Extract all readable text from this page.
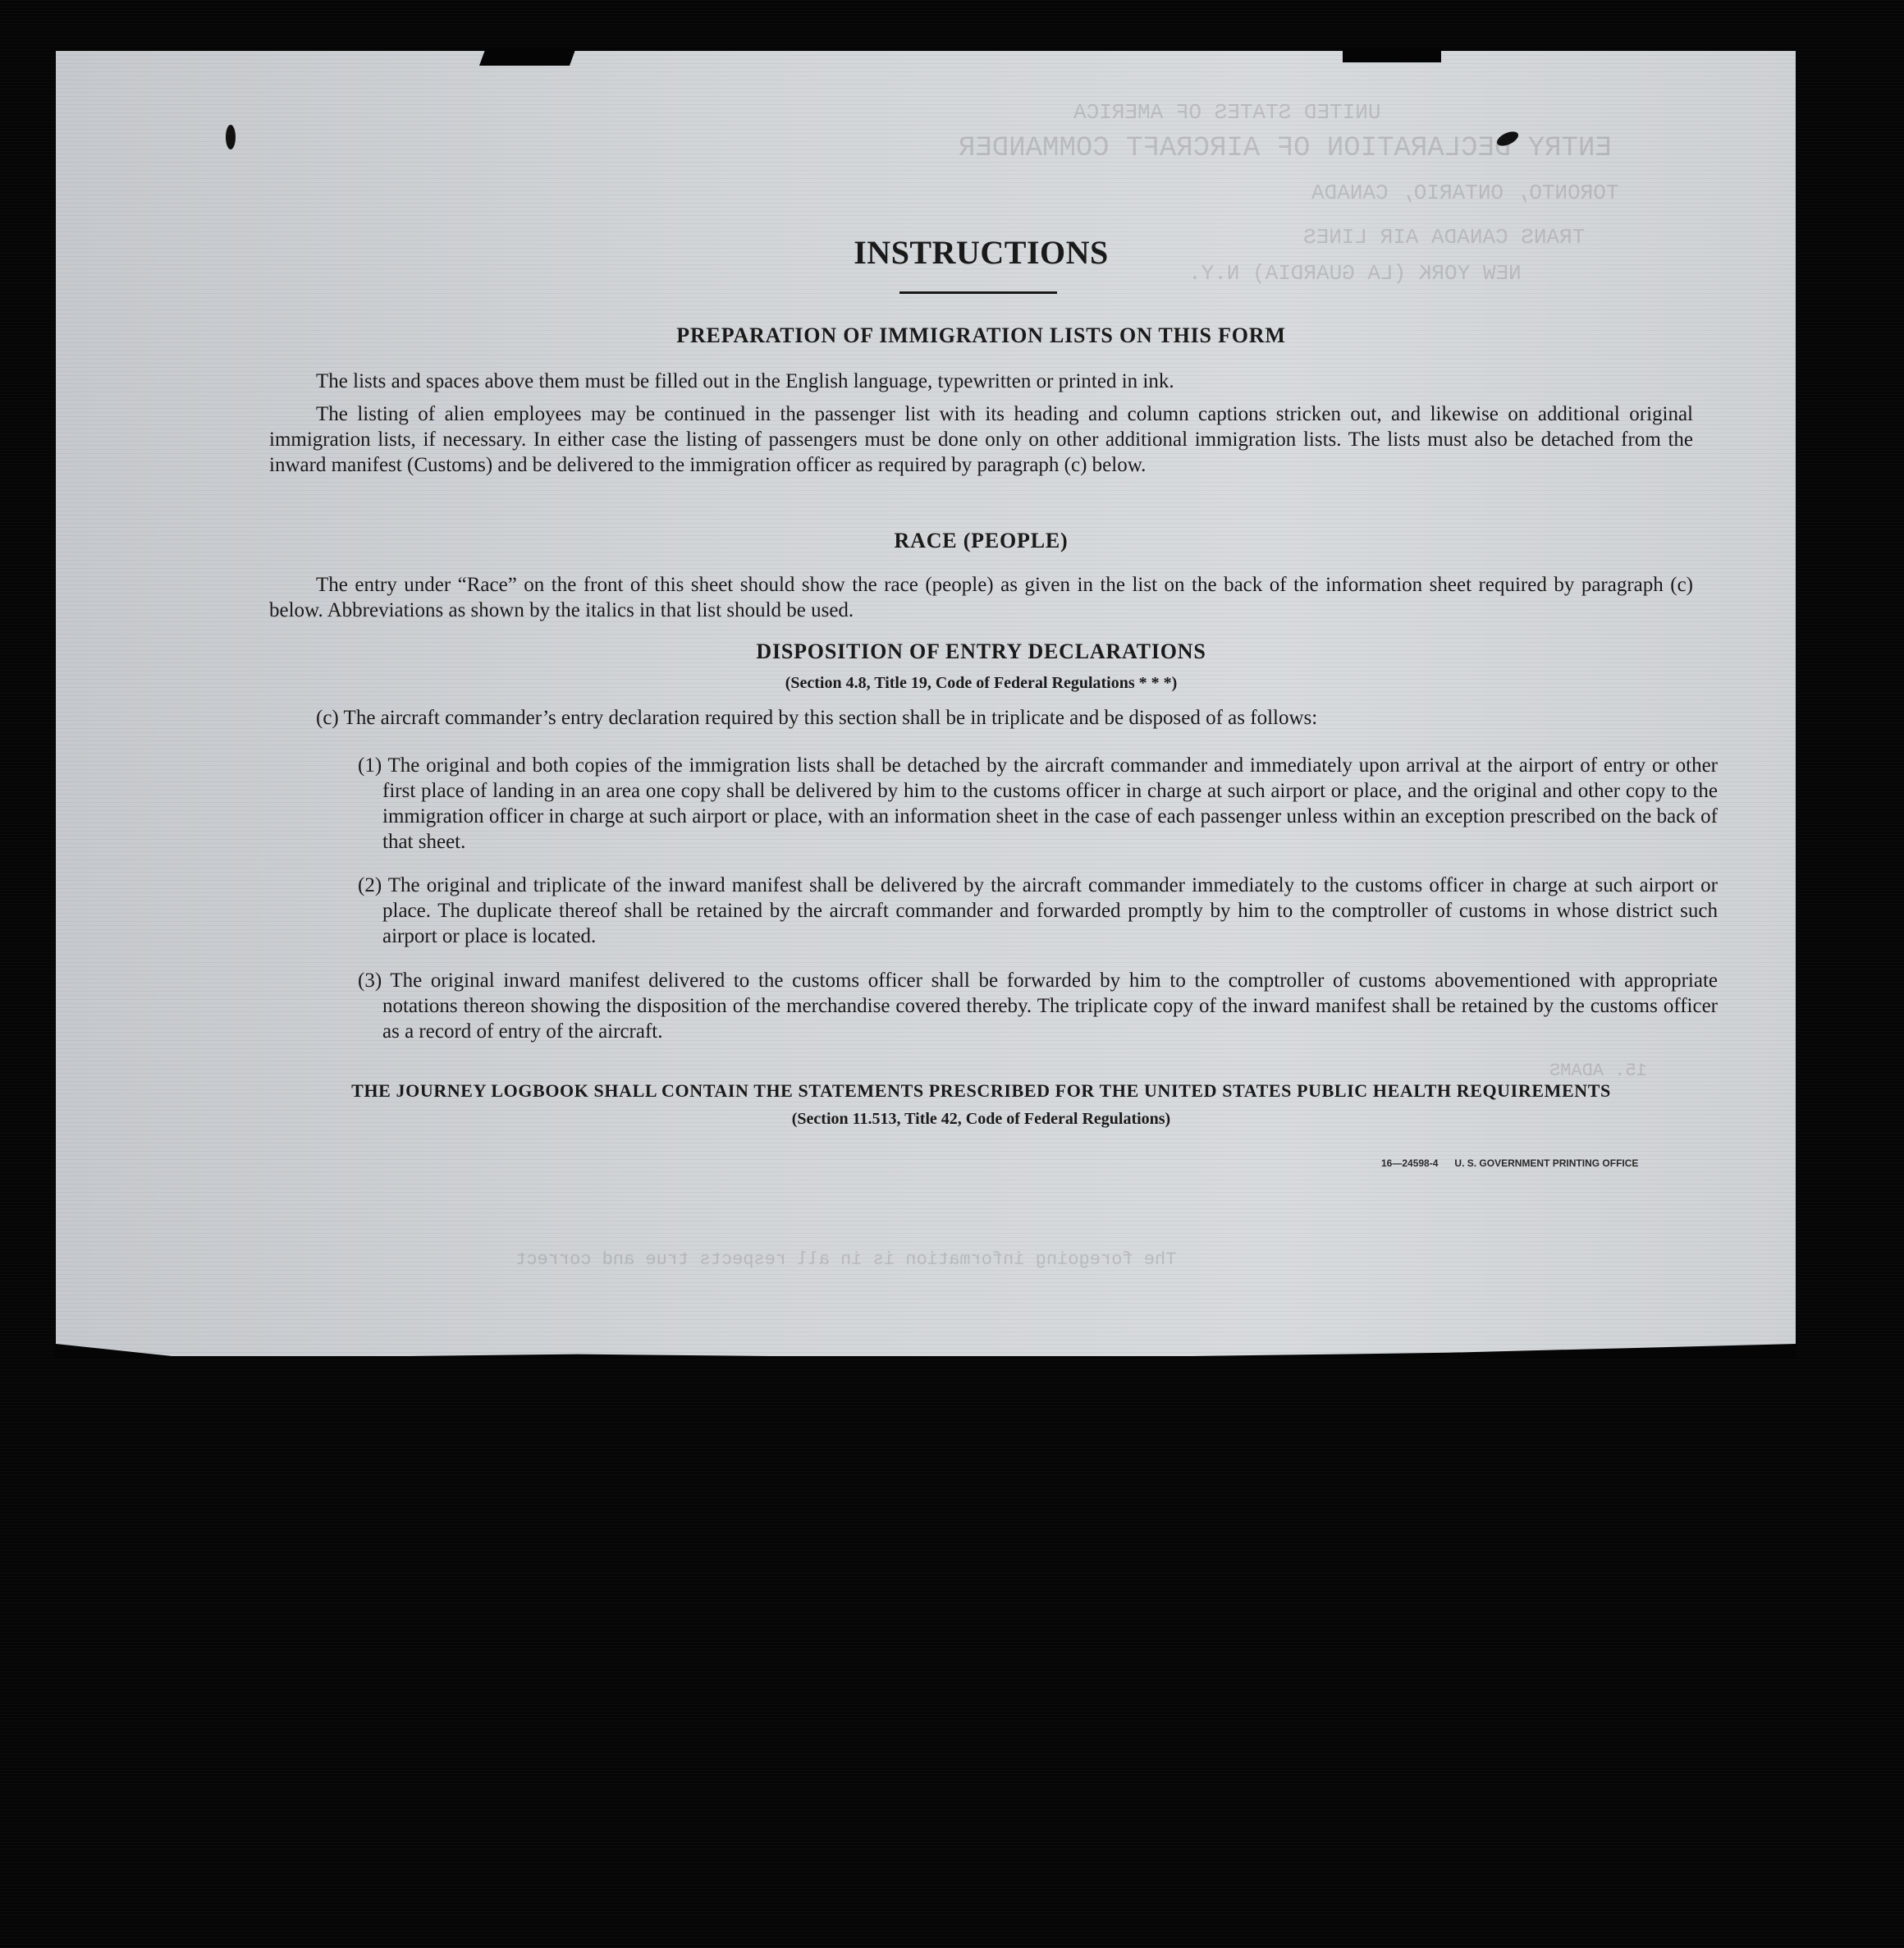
UNITED STATES OF AMERICA
ENTRY DECLARATION OF AIRCRAFT COMMANDER
TORONTO, ONTARIO, CANADA
TRANS CANADA AIR LINES
NEW YORK (LA GUARDIA) N.Y.
15. ADAMS
The foregoing information is in all respects true and correct
INSTRUCTIONS
PREPARATION OF IMMIGRATION LISTS ON THIS FORM
The lists and spaces above them must be filled out in the English language, typewritten or printed in ink.
The listing of alien employees may be continued in the passenger list with its heading and column captions stricken out, and likewise on additional original immigration lists, if necessary. In either case the listing of passengers must be done only on other additional immigration lists. The lists must also be detached from the inward manifest (Customs) and be delivered to the immigration officer as required by paragraph (c) below.
RACE (PEOPLE)
The entry under “Race” on the front of this sheet should show the race (people) as given in the list on the back of the information sheet required by paragraph (c) below. Abbreviations as shown by the italics in that list should be used.
DISPOSITION OF ENTRY DECLARATIONS
(Section 4.8, Title 19, Code of Federal Regulations * * *)
(c) The aircraft commander’s entry declaration required by this section shall be in triplicate and be disposed of as follows:
(1) The original and both copies of the immigration lists shall be detached by the aircraft commander and immediately upon arrival at the airport of entry or other first place of landing in an area one copy shall be delivered by him to the customs officer in charge at such airport or place, and the original and other copy to the immigration officer in charge at such airport or place, with an information sheet in the case of each passenger unless within an exception prescribed on the back of that sheet.
(2) The original and triplicate of the inward manifest shall be delivered by the aircraft commander immediately to the customs officer in charge at such airport or place. The duplicate thereof shall be retained by the aircraft commander and forwarded promptly by him to the comptroller of customs in whose district such airport or place is located.
(3) The original inward manifest delivered to the customs officer shall be forwarded by him to the comptroller of customs abovementioned with appropriate notations thereon showing the disposition of the merchandise covered thereby. The triplicate copy of the inward manifest shall be retained by the customs officer as a record of entry of the aircraft.
THE JOURNEY LOGBOOK SHALL CONTAIN THE STATEMENTS PRESCRIBED FOR THE UNITED STATES PUBLIC HEALTH REQUIREMENTS
(Section 11.513, Title 42, Code of Federal Regulations)
16—24598-4 U. S. GOVERNMENT PRINTING OFFICE
